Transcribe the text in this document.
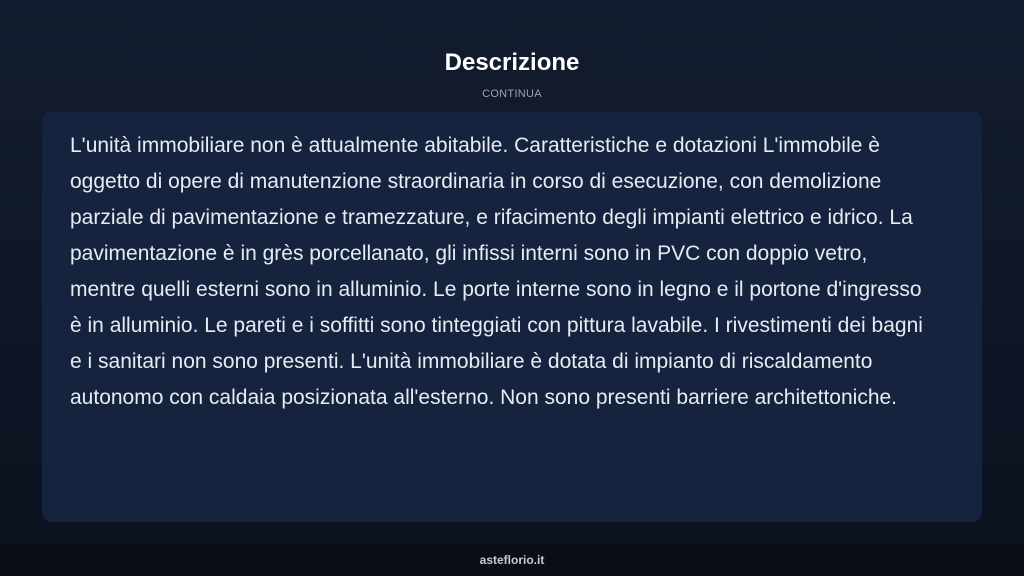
Descrizione
CONTINUA

L'unità immobiliare non è attualmente abitabile. Caratteristiche e dotazioni L'immobile è oggetto di opere di manutenzione straordinaria in corso di esecuzione, con demolizione parziale di pavimentazione e tramezzature, e rifacimento degli impianti elettrico e idrico. La pavimentazione è in grès porcellanato, gli infissi interni sono in PVC con doppio vetro, mentre quelli esterni sono in alluminio. Le porte interne sono in legno e il portone d'ingresso è in alluminio. Le pareti e i soffitti sono tinteggiati con pittura lavabile. I rivestimenti dei bagni e i sanitari non sono presenti. L'unità immobiliare è dotata di impianto di riscaldamento autonomo con caldaia posizionata all'esterno. Non sono presenti barriere architettoniche.

asteflorio.it
